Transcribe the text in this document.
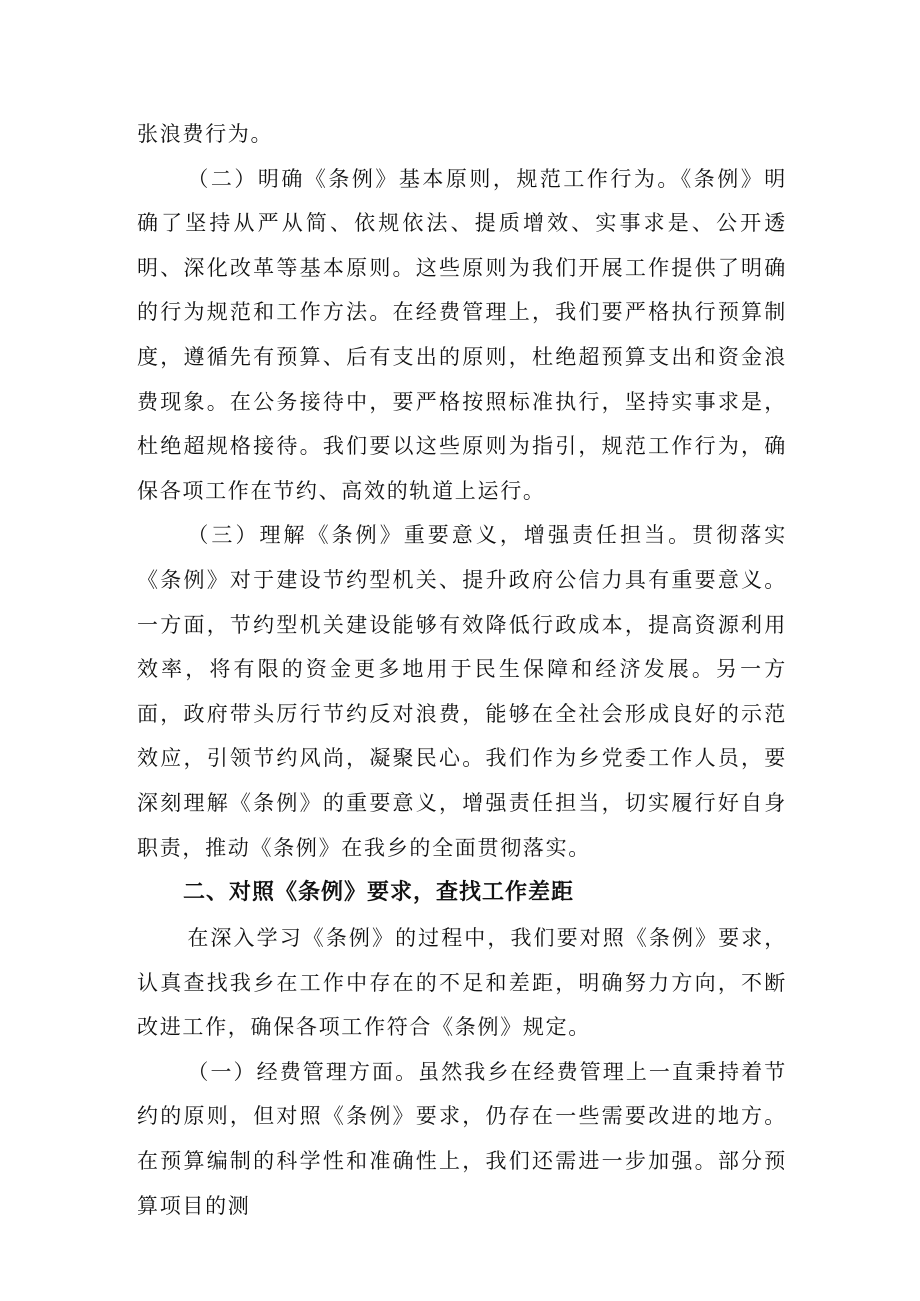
张浪费行为。

（二）明确《条例》基本原则，规范工作行为。《条例》明确了坚持从严从简、依规依法、提质增效、实事求是、公开透明、深化改革等基本原则。这些原则为我们开展工作提供了明确的行为规范和工作方法。在经费管理上，我们要严格执行预算制度，遵循先有预算、后有支出的原则，杜绝超预算支出和资金浪费现象。在公务接待中，要严格按照标准执行，坚持实事求是，杜绝超规格接待。我们要以这些原则为指引，规范工作行为，确保各项工作在节约、高效的轨道上运行。

（三）理解《条例》重要意义，增强责任担当。贯彻落实《条例》对于建设节约型机关、提升政府公信力具有重要意义。一方面，节约型机关建设能够有效降低行政成本，提高资源利用效率，将有限的资金更多地用于民生保障和经济发展。另一方面，政府带头厉行节约反对浪费，能够在全社会形成良好的示范效应，引领节约风尚，凝聚民心。我们作为乡党委工作人员，要深刻理解《条例》的重要意义，增强责任担当，切实履行好自身职责，推动《条例》在我乡的全面贯彻落实。

二、对照《条例》要求，查找工作差距

在深入学习《条例》的过程中，我们要对照《条例》要求，认真查找我乡在工作中存在的不足和差距，明确努力方向，不断改进工作，确保各项工作符合《条例》规定。

（一）经费管理方面。虽然我乡在经费管理上一直秉持着节约的原则，但对照《条例》要求，仍存在一些需要改进的地方。在预算编制的科学性和准确性上，我们还需进一步加强。部分预算项目的测
